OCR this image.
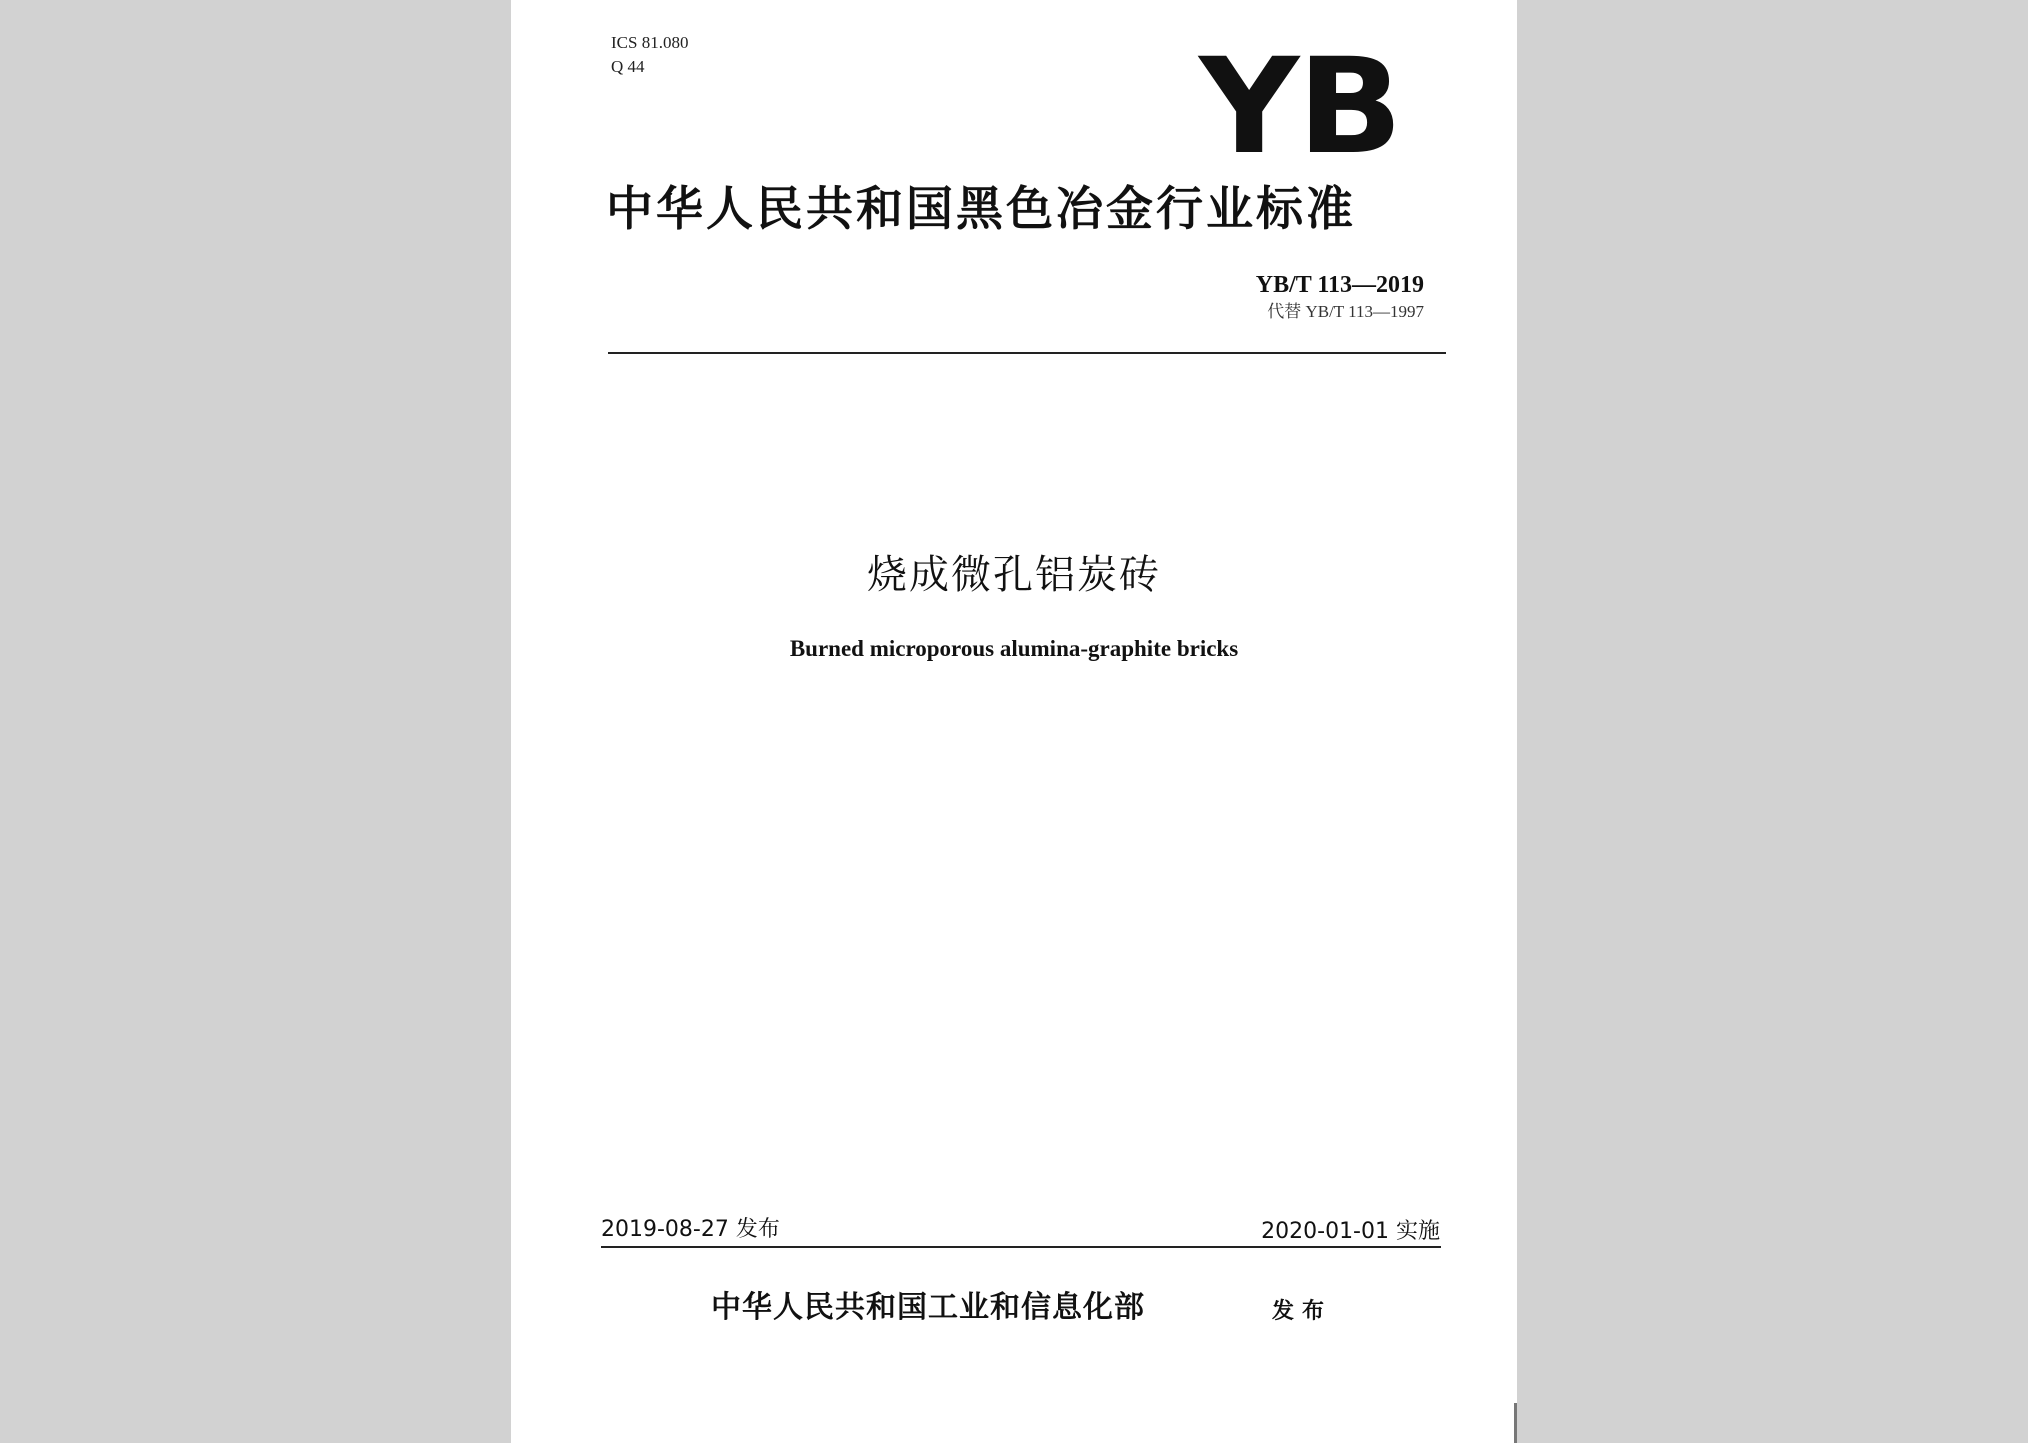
ICS 81.080
Q 44	YB
中华人民共和国黑色冶金行业标准
YB/T 113—2019
代替 YB/T 113—1997
烧成微孔铝炭砖
Burned microporous alumina-graphite bricks
2019-08-27 发布	2020-01-01 实施
中华人民共和国工业和信息化部	发布
